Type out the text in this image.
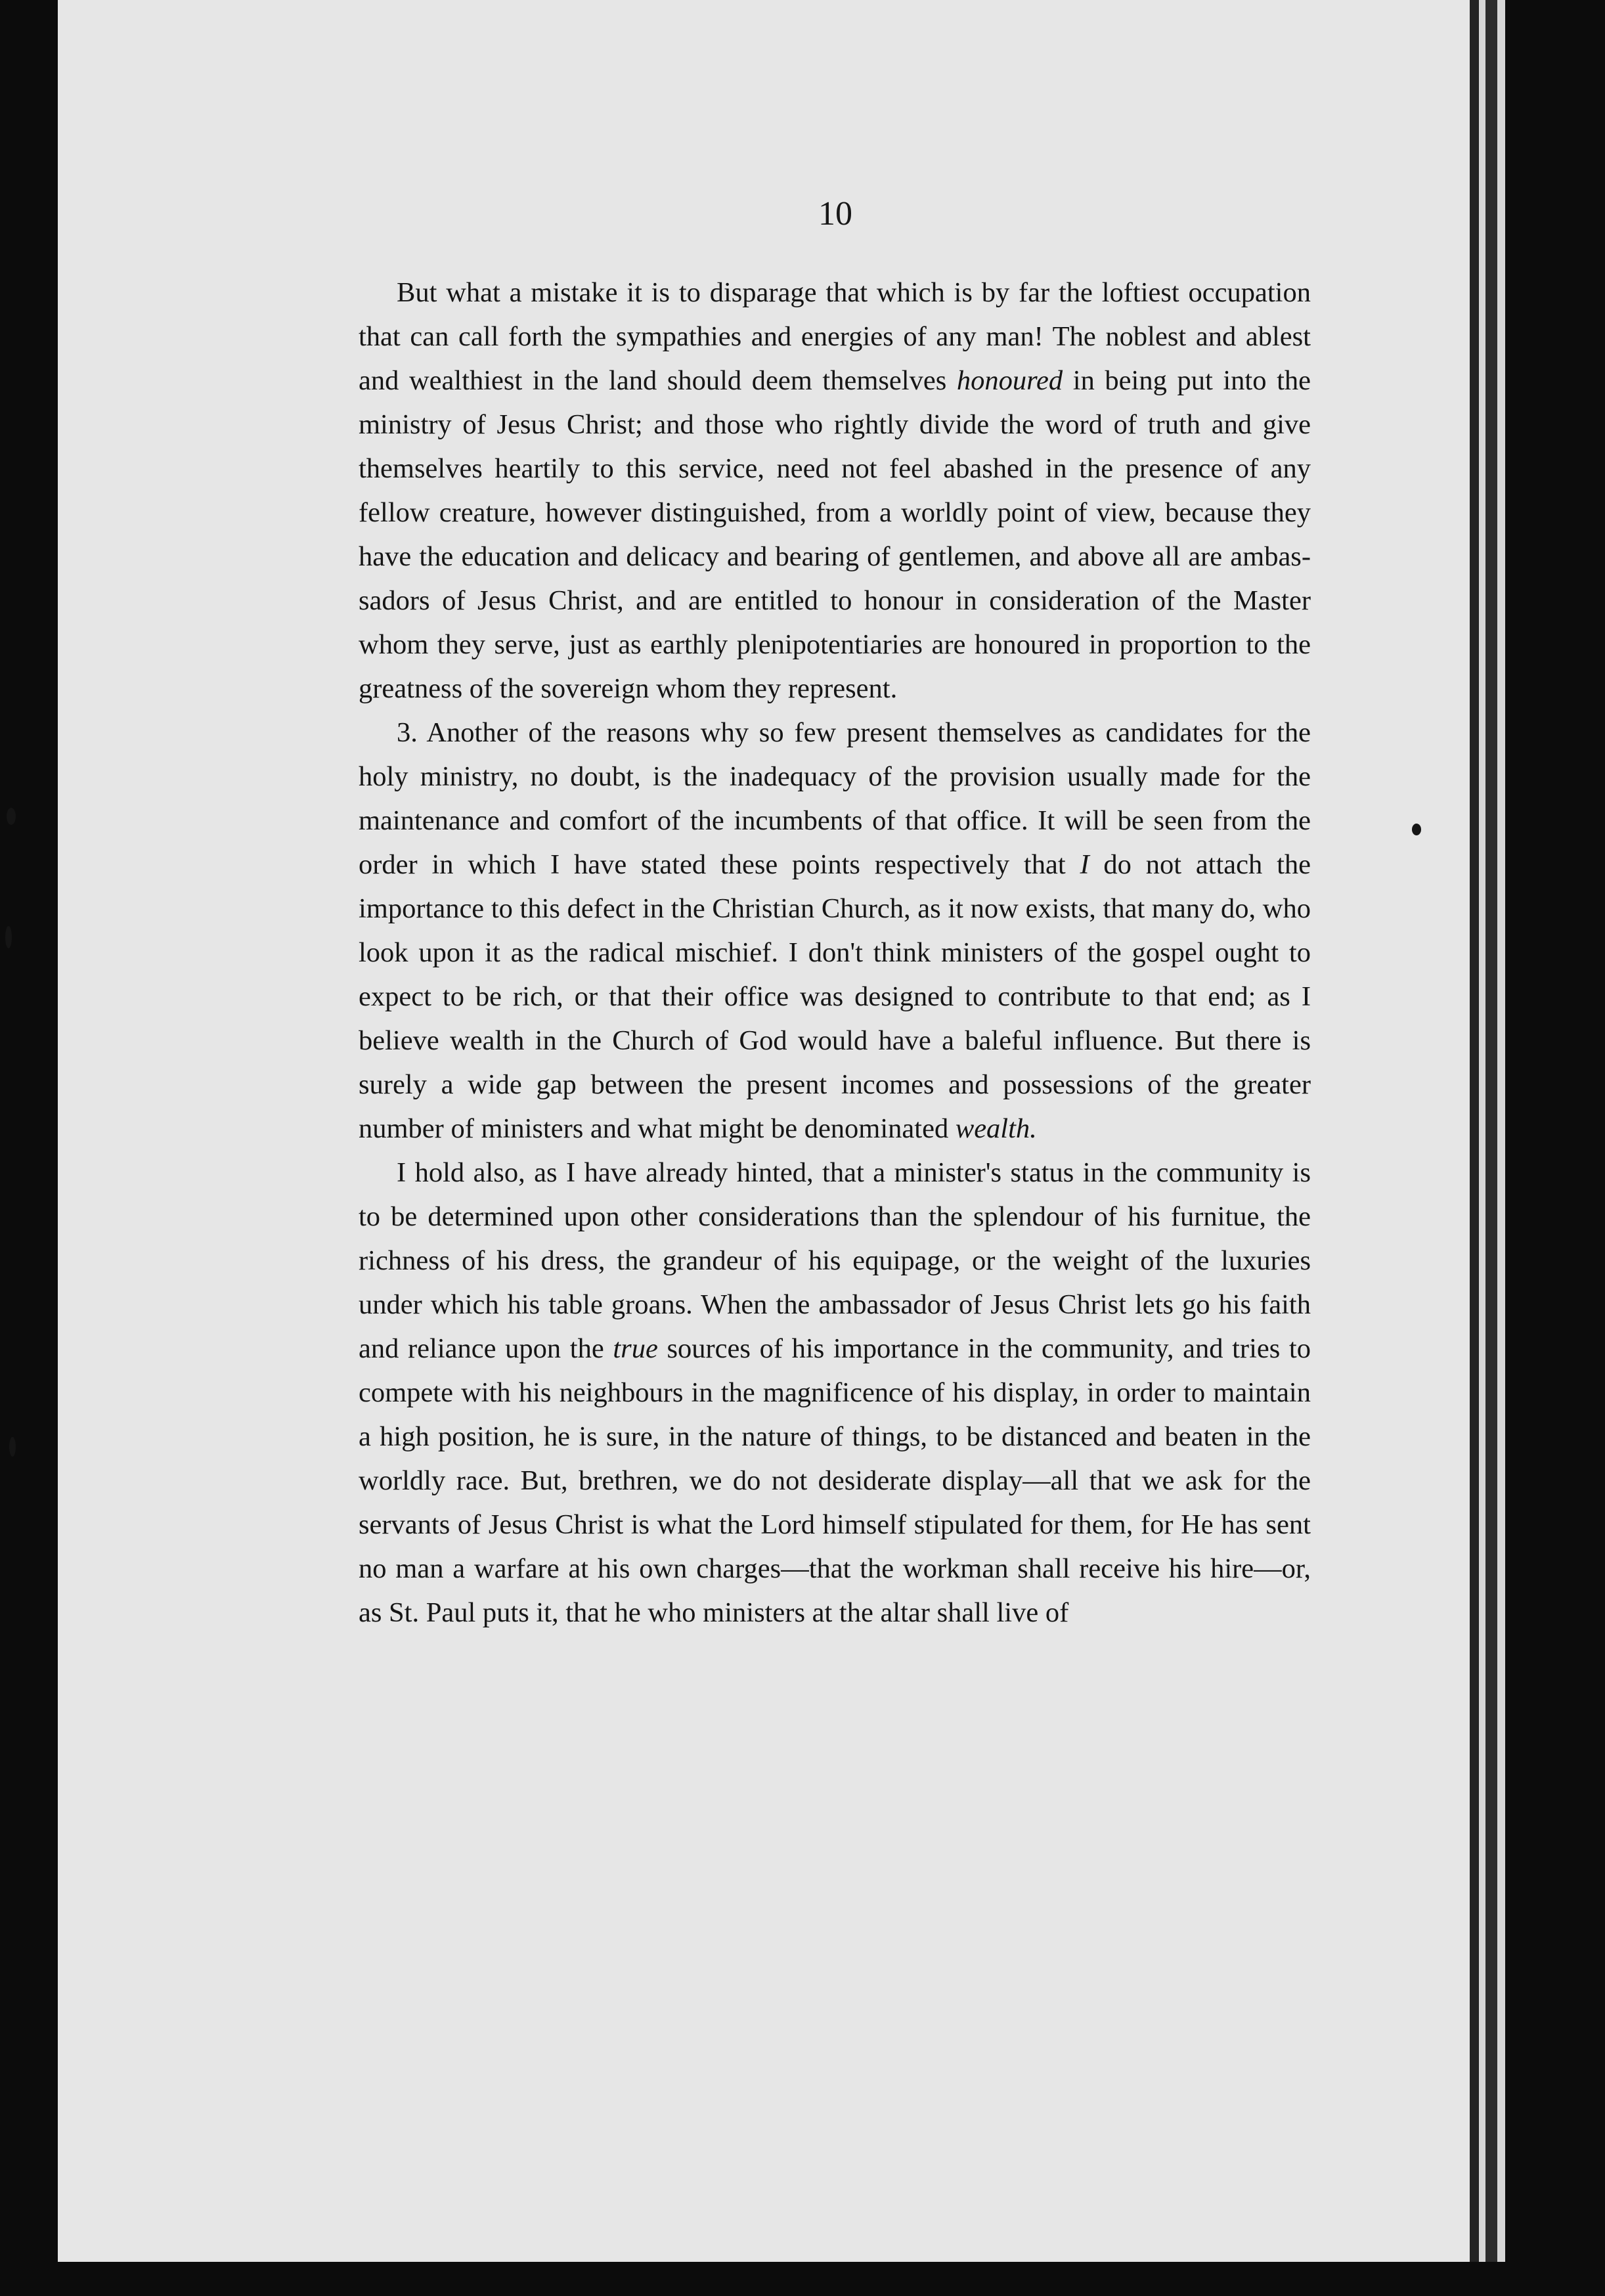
10

But what a mistake it is to disparage that which is by far the loftiest occupation that can call forth the sympathies and energies of any man! The noblest and ablest and wealthiest in the land should deem themselves honoured in being put into the ministry of Jesus Christ; and those who rightly divide the word of truth and give themselves heartily to this service, need not feel abashed in the presence of any fellow creature, however distinguished, from a worldly point of view, because they have the education and delicacy and bearing of gentlemen, and above all are ambassadors of Jesus Christ, and are entitled to honour in consideration of the Master whom they serve, just as earthly plenipotentiaries are honoured in proportion to the greatness of the sovereign whom they represent.

3. Another of the reasons why so few present themselves as candidates for the holy ministry, no doubt, is the inadequacy of the provision usually made for the maintenance and comfort of the incumbents of that office. It will be seen from the order in which I have stated these points respectively that I do not attach the importance to this defect in the Christian Church, as it now exists, that many do, who look upon it as the radical mischief. I don't think ministers of the gospel ought to expect to be rich, or that their office was designed to contribute to that end; as I believe wealth in the Church of God would have a baleful influence. But there is surely a wide gap between the present incomes and possessions of the greater number of ministers and what might be denominated wealth.

I hold also, as I have already hinted, that a minister's status in the community is to be determined upon other considerations than the splendour of his furnitue, the richness of his dress, the grandeur of his equipage, or the weight of the luxuries under which his table groans. When the ambassador of Jesus Christ lets go his faith and reliance upon the true sources of his importance in the community, and tries to compete with his neighbours in the magnificence of his display, in order to maintain a high position, he is sure, in the nature of things, to be distanced and beaten in the worldly race. But, brethren, we do not desiderate display—all that we ask for the servants of Jesus Christ is what the Lord himself stipulated for them, for He has sent no man a warfare at his own charges—that the workman shall receive his hire—or, as St. Paul puts it, that he who ministers at the altar shall live of
